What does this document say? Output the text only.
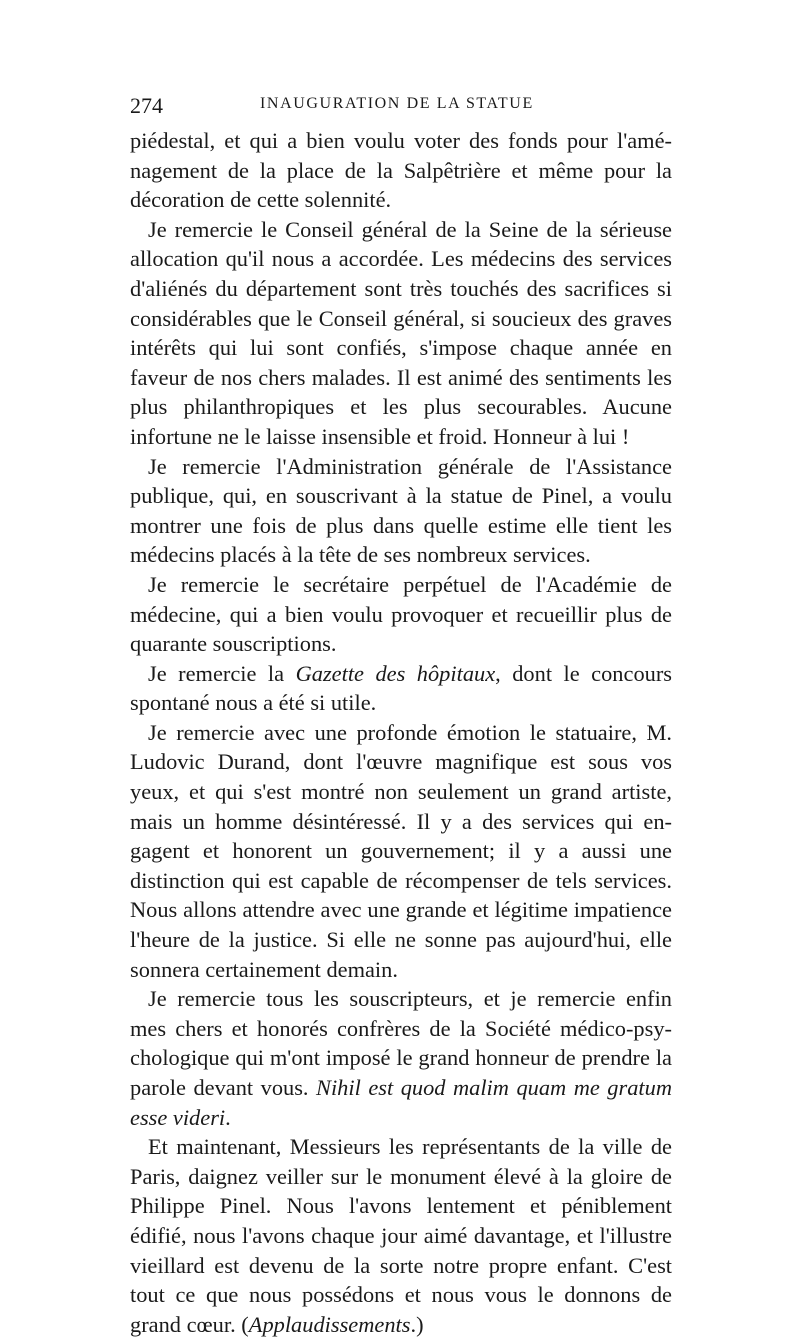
274	INAUGURATION DE LA STATUE

piédestal, et qui a bien voulu voter des fonds pour l'aménagement de la place de la Salpêtrière et même pour la décoration de cette solennité.

Je remercie le Conseil général de la Seine de la sérieuse allocation qu'il nous a accordée. Les médecins des services d'aliénés du département sont très touchés des sacrifices si considérables que le Conseil général, si soucieux des graves intérêts qui lui sont confiés, s'impose chaque année en faveur de nos chers malades. Il est animé des sentiments les plus philanthropiques et les plus secourables. Aucune infortune ne le laisse insensible et froid. Honneur à lui !

Je remercie l'Administration générale de l'Assistance publique, qui, en souscrivant à la statue de Pinel, a voulu montrer une fois de plus dans quelle estime elle tient les médecins placés à la tête de ses nombreux services.

Je remercie le secrétaire perpétuel de l'Académie de médecine, qui a bien voulu provoquer et recueillir plus de quarante souscriptions.

Je remercie la Gazette des hôpitaux, dont le concours spontané nous a été si utile.

Je remercie avec une profonde émotion le statuaire, M. Ludovic Durand, dont l'œuvre magnifique est sous vos yeux, et qui s'est montré non seulement un grand artiste, mais un homme désintéressé. Il y a des services qui engagent et honorent un gouvernement; il y a aussi une distinction qui est capable de récompenser de tels services. Nous allons attendre avec une grande et légitime impatience l'heure de la justice. Si elle ne sonne pas aujourd'hui, elle sonnera certainement demain.

Je remercie tous les souscripteurs, et je remercie enfin mes chers et honorés confrères de la Société médico-psychologique qui m'ont imposé le grand honneur de prendre la parole devant vous. Nihil est quod malim quam me gratum esse videri.

Et maintenant, Messieurs les représentants de la ville de Paris, daignez veiller sur le monument élevé à la gloire de Philippe Pinel. Nous l'avons lentement et péniblement édifié, nous l'avons chaque jour aimé davantage, et l'illustre vieillard est devenu de la sorte notre propre enfant. C'est tout ce que nous possédons et nous vous le donnons de grand cœur. (Applaudissements.)
